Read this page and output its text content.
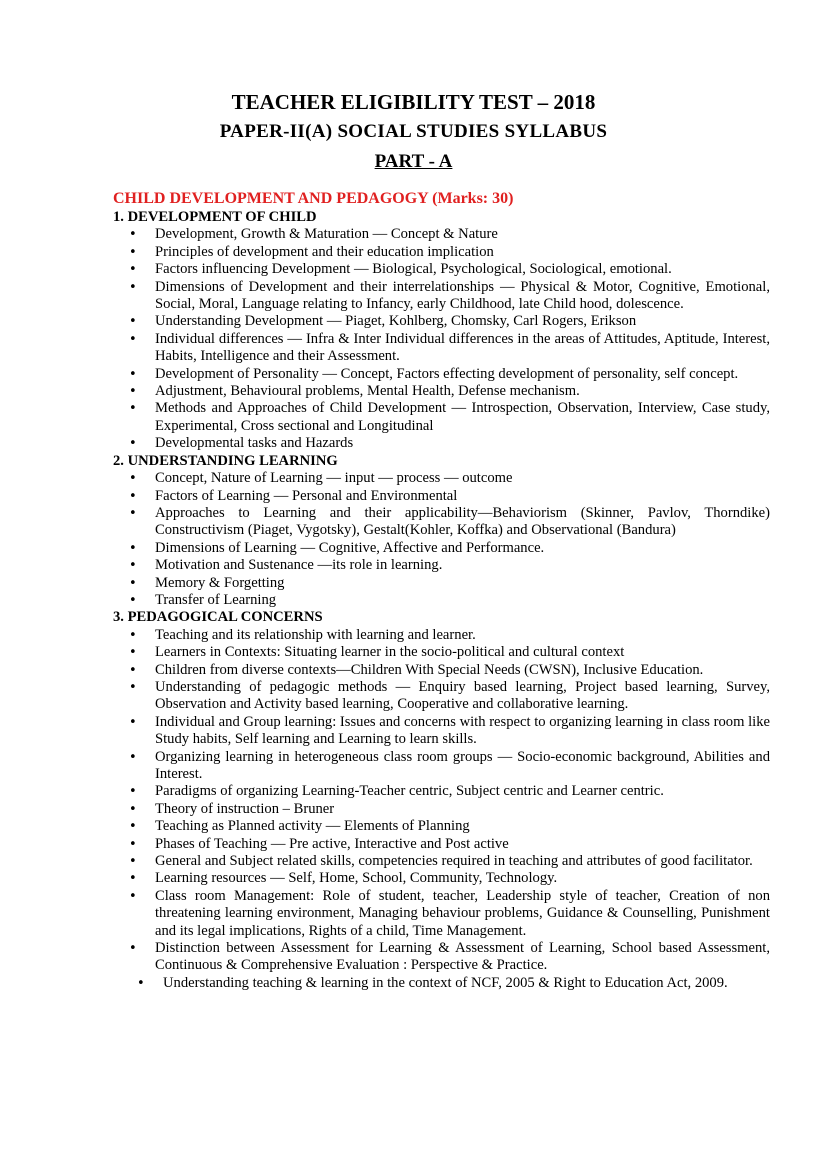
TEACHER ELIGIBILITY TEST – 2018
PAPER-II(A) SOCIAL STUDIES SYLLABUS
PART - A
CHILD DEVELOPMENT AND PEDAGOGY (Marks: 30)
1. DEVELOPMENT OF CHILD
• Development, Growth & Maturation — Concept & Nature
• Principles of development and their education implication
• Factors influencing Development — Biological, Psychological, Sociological, emotional.
• Dimensions of Development and their interrelationships — Physical & Motor, Cognitive, Emotional, Social, Moral, Language relating to Infancy, early Childhood, late Child hood, dolescence.
• Understanding Development — Piaget, Kohlberg, Chomsky, Carl Rogers, Erikson
• Individual differences — Infra & Inter Individual differences in the areas of Attitudes, Aptitude, Interest, Habits, Intelligence and their Assessment.
• Development of Personality — Concept, Factors effecting development of personality, self concept.
• Adjustment, Behavioural problems, Mental Health, Defense mechanism.
• Methods and Approaches of Child Development — Introspection, Observation, Interview, Case study, Experimental, Cross sectional and Longitudinal
• Developmental tasks and Hazards
2. UNDERSTANDING LEARNING
• Concept, Nature of Learning — input — process — outcome
• Factors of Learning — Personal and Environmental
• Approaches to Learning and their applicability—Behaviorism (Skinner, Pavlov, Thorndike) Constructivism (Piaget, Vygotsky), Gestalt(Kohler, Koffka) and Observational (Bandura)
• Dimensions of Learning — Cognitive, Affective and Performance.
• Motivation and Sustenance —its role in learning.
• Memory & Forgetting
• Transfer of Learning
3. PEDAGOGICAL CONCERNS
• Teaching and its relationship with learning and learner.
• Learners in Contexts: Situating learner in the socio-political and cultural context
• Children from diverse contexts—Children With Special Needs (CWSN), Inclusive Education.
• Understanding of pedagogic methods — Enquiry based learning, Project based learning, Survey, Observation and Activity based learning, Cooperative and collaborative learning.
• Individual and Group learning: Issues and concerns with respect to organizing learning in class room like Study habits, Self learning and Learning to learn skills.
• Organizing learning in heterogeneous class room groups — Socio-economic background, Abilities and Interest.
• Paradigms of organizing Learning-Teacher centric, Subject centric and Learner centric.
• Theory of instruction – Bruner
• Teaching as Planned activity — Elements of Planning
• Phases of Teaching — Pre active, Interactive and Post active
• General and Subject related skills, competencies required in teaching and attributes of good facilitator.
• Learning resources — Self, Home, School, Community, Technology.
• Class room Management: Role of student, teacher, Leadership style of teacher, Creation of non threatening learning environment, Managing behaviour problems, Guidance & Counselling, Punishment and its legal implications, Rights of a child, Time Management.
• Distinction between Assessment for Learning & Assessment of Learning, School based Assessment, Continuous & Comprehensive Evaluation : Perspective & Practice.
• Understanding teaching & learning in the context of NCF, 2005 & Right to Education Act, 2009.
